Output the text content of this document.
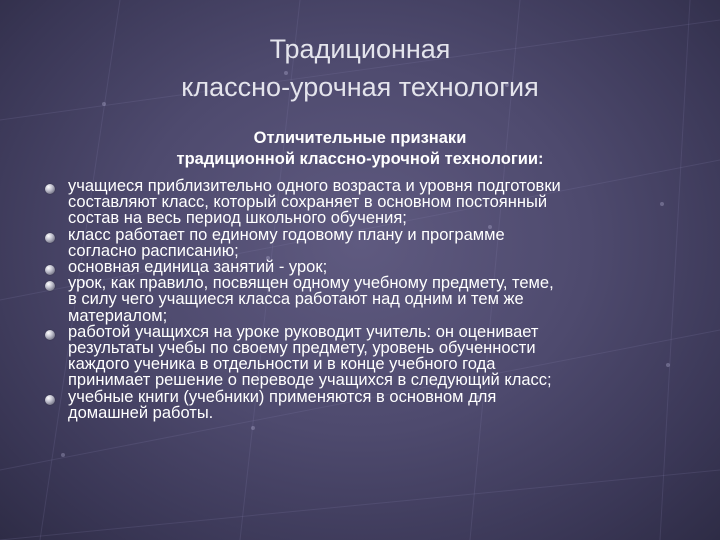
Традиционная
классно-урочная технология
Отличительные признаки
традиционной классно-урочной технологии:
учащиеся приблизительно одного возраста и уровня подготовки
составляют класс, который сохраняет в основном постоянный
состав на весь период школьного обучения;
класс работает по единому годовому плану и программе
согласно расписанию;
основная единица занятий - урок;
урок, как правило, посвящен одному учебному предмету, теме,
в силу чего учащиеся класса работают над одним и тем же
материалом;
работой учащихся на уроке руководит учитель: он оценивает
результаты учебы по своему предмету, уровень обученности
каждого ученика в отдельности и в конце учебного года
принимает решение о переводе учащихся в следующий класс;
учебные книги (учебники) применяются в основном для
домашней работы.
